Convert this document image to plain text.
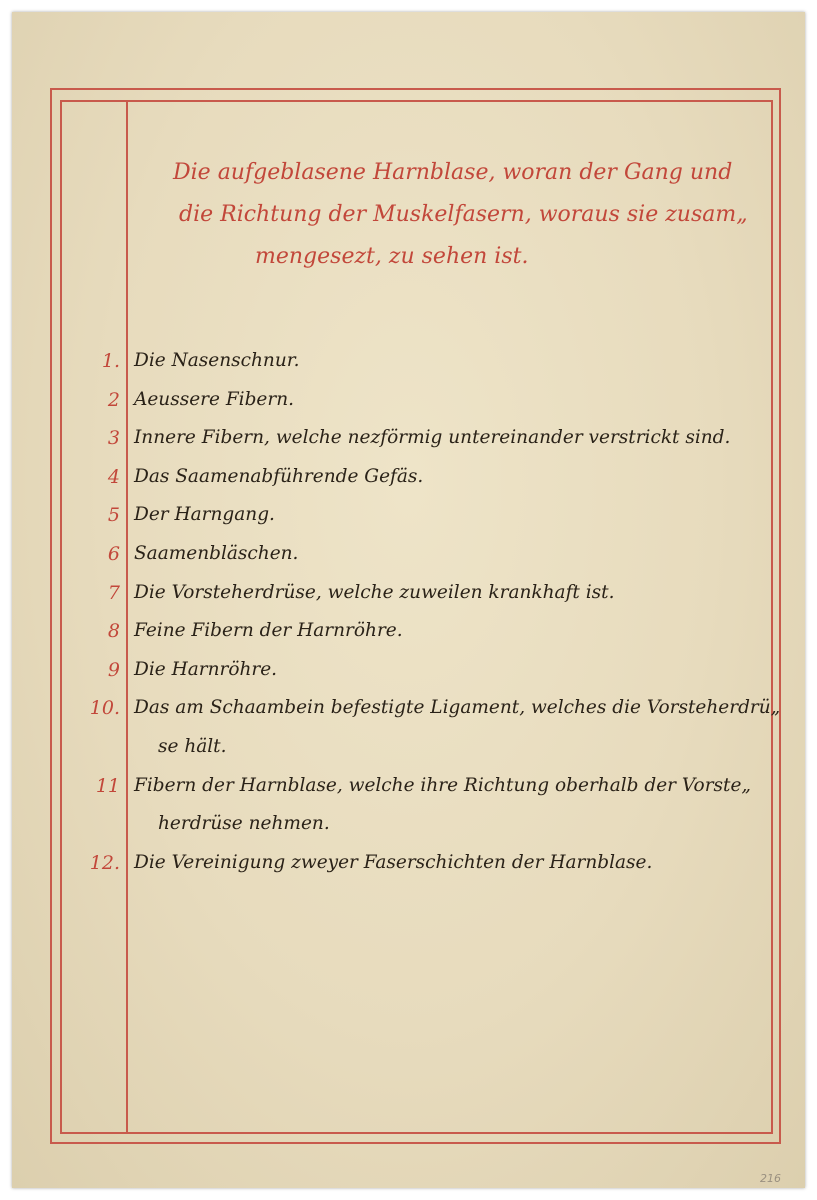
Die aufgeblasene Harnblase, woran der Gang und
die Richtung der Muskelfasern, woraus sie zusam„
mengesezt, zu sehen ist.
1. Die Nasenschnur.
2 Aeussere Fibern.
3 Innere Fibern, welche nezförmig untereinander verstrickt sind.
4 Das Saamenabführende Gefäs.
5 Der Harngang.
6 Saamenbläschen.
7 Die Vorsteherdrüse, welche zuweilen krankhaft ist.
8 Feine Fibern der Harnröhre.
9 Die Harnröhre.
10. Das am Schaambein befestigte Ligament, welches die Vorsteherdrü„
se hält.
11 Fibern der Harnblase, welche ihre Richtung oberhalb der Vorste„
herdrüse nehmen.
12. Die Vereinigung zweyer Faserschichten der Harnblase.
216
